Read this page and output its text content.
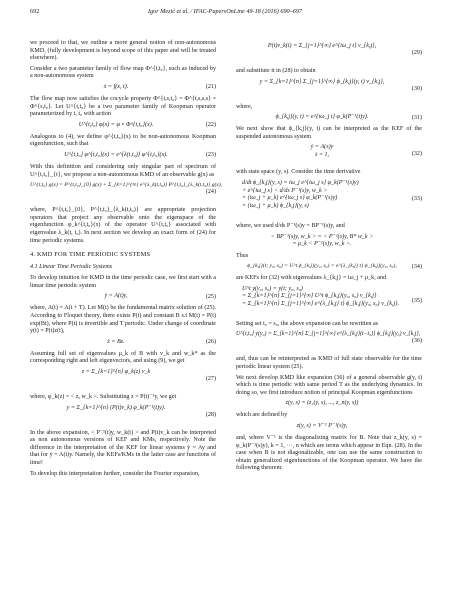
692	Igor Mezić et al. / IFAC-PapersOnLine 49-18 (2016) 690–697

we proceed to that, we outline a more general notion of non-autonomous KMD, (fully development is beyond scope of this paper and will be treated elsewhere).

Consider a two parameter family of flow map Φ^{t,t₀}, such as induced by a non-autonomous system

ẋ = f(x, t).	(21)

The flow map now satisfies the cocycle property Φ^{t,s,t₀} = Φ^{t,s,s,s} ∘ Φ^{s,t₀}. Let U^{t,t₀} be a two parameter family of Koopman operator parameterized by t, t₀ with action

U^{t,t₀} φ(x) = φ ∘ Φ^{t,t₀}(x).	(22)

Analogous to (4), we define φ^{t,t₀}(x) to be non-autonomous Koopman eigenfunction, such that

U^{t,t₀} φ^{t,t₀}(x) = e^{λ(t,t₀)} φ^{t,t₀}(x).	(23)

With this definition and considering only singular part of spectrum of U^{t,t₀}_{t}, we propose a non-autonomous KMD of an observable g(x) as

U^{t,t₀} g(x) = P^{t,t₀}_{0} g(x) + Σ_{k=1}^{∞} e^{λ_k(t,t₀)} P^{t,t₀}_{λ_k(t,t₀)} g(x),
(24)

where, P^{t,t₀}_{0}, P^{t,t₀}_{λ_k(t,t₀)} are appropriate projection operators that project any observable onto the eigenspace of the eigenfunction φ_k^{t,t₀}(x) of the operator U^{t,t₀} associated with eigenvalue λ_k(t, t₀). In next section we develop an exact form of (24) for time periodic systems.

4. KMD FOR TIME PERIODIC SYSTEMS
4.1 Linear Time Periodic Systems

To develop intuition for KMD in the time periodic case, we first start with a linear time periodic system

ẏ = A(t)y,	(25)

where, A(t) = A(t + T). Let M(t) be the fundamental matrix solution of (25). According to Floquet theory, there exists P(t) and constant B s.t M(t) = P(t) exp(Bt), where P(t) is invertible and T periodic. Under change of coordinate y(t) = P(t)z(t),

ż = Bz.	(26)

Assuming full set of eigenvalues μ_k of B with v_k and w_k* as the corresponding right and left eigenvectors, and using (9), we get

z = Σ_{k=1}^{n} φ_k(z) v_k
(27)

where, φ_k(z) = < z, w_k >. Substituting z = P(t)⁻¹y, we get

y = Σ_{k=1}^{n} (P(t)v_k) φ_k(P⁻¹(t)y).
(28)

In the above expansion, < P⁻¹(t)y, w_k(t) > and P(t)v_k can be interpreted as non autonomous versions of KEF and KMs, respectively. Note the difference in the interpretation of the KEF for linear systems ẏ = Ay and that for ẏ = A(t)y. Namely, the KEFs/KMs in the latter case are functions of time!

To develop this interpretation further, consider the Fourier expansion,

P(t)v_k(t) = Σ_{j=1}^{∞} e^{iω_j t} v_{k,j},
(29)

and substitute it in (28) to obtain

y = Σ_{k=1}^{n} Σ_{j=1}^{∞} ϕ_{k,j}(y, t) v_{k,j},
(30)

where,

ϕ_{k,j}(y, t) = e^{iω_j t} φ_k(P⁻¹(t)y).	(31)

We next show that ϕ_{k,j}(y, t) can be interpreted as the KEF of the suspended autonomous system

ẏ = A(s)y
ṡ = 1,	(32)

with state space (y, s). Consider the time derivative

d/dt ϕ_{k,j}(y, s) = iω_j e^{iω_j s} φ_k(P⁻¹(s)y)
+ e^{iω_j s} < d/ds P⁻¹(s)y, w_k >
= (iω_j + μ_k) e^{iω_j s} φ_k(P⁻¹(s)y)
= (iω_j + μ_k) ϕ_{k,j}(y, s)
(33)

where, we used d/ds P⁻¹(s)y = BP⁻¹(s)y, and

< BP⁻¹(s)y, w_k > = < P⁻¹(s)y, B* w_k >
= μ_k < P⁻¹(s)y, w_k >.

Thus

ϕ_{k,j}(t; y₀, s₀) = U^t ϕ_{k,j}(y₀, s₀) = e^{λ_{k,j} t} ϕ_{k,j}(y₀, s₀),	(34)

are KEFs for (32) with eigenvalues λ_{k,j} = iω_j + μ_k, and

U^t y(y₀, s₀) = y(t; y₀, s₀)
= Σ_{k=1}^{n} Σ_{j=1}^{∞} U^t ϕ_{k,j}(y₀, s₀) v_{k,j}
= Σ_{k=1}^{n} Σ_{j=1}^{∞} e^{λ_{k,j} t} ϕ_{k,j}(y₀, s₀) v_{k,j}.	(35)

Setting set t₀ = s₀, the above expansion can be rewritten as

U^{t,t₀} y(y₀) = Σ_{k=1}^{n} Σ_{j=1}^{∞} e^{λ_{k,j}(t−t₀)} ϕ_{k,j}(y₀) v_{k,j},
(36)

and, thus can be reinterpreted as KMD of full state observable for the time periodic linear system (25).

We next develop KMD like expansion (36) of a general observable g(y, t) which is time periodic with same period T as the underlying dynamics. In doing so, we first introduce notion of principal Koopman eigenfunctions

z(y, s) = (z₁(y, s), ..., z_n(y, s))

which are defined by

z(y, s) = V⁻¹ P⁻¹(s)y,

and, where V⁻¹ is the diagonalizing matrix for B. Note that z_k(y, s) = φ_k(P⁻¹(s)y), k = 1, ···, n which are terms which appear in Eqn. (28). In the case when B is not diagonalizable, one can use the same construction to obtain generalized eigenfunctions of the Koopman operator. We have the following theorem:
